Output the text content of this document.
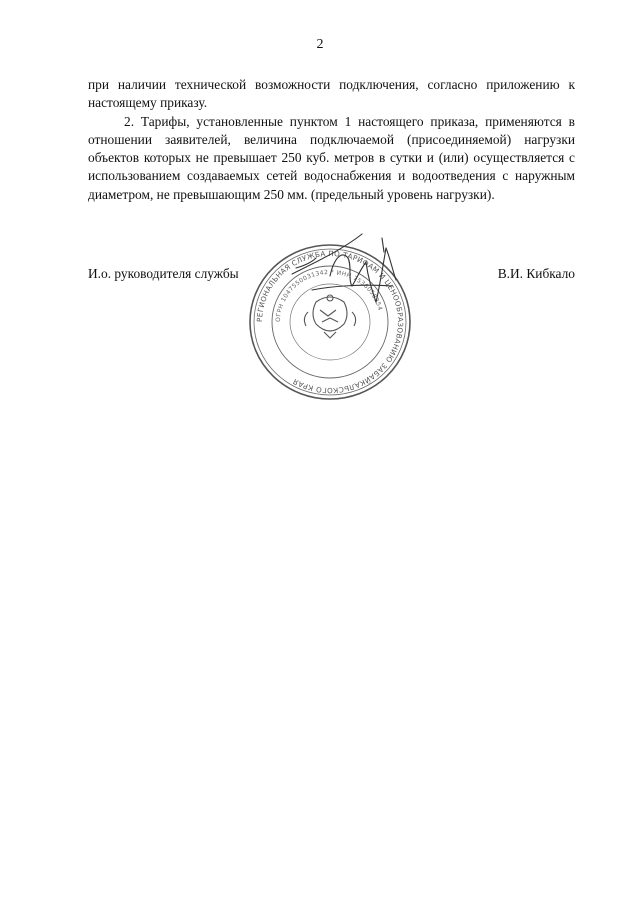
2

при наличии технической возможности подключения, согласно приложению к настоящему приказу.

2. Тарифы, установленные пунктом 1 настоящего приказа, применяются в отношении заявителей, величина подключаемой (присоединяемой) нагрузки объектов которых не превышает 250 куб. метров в сутки и (или) осуществляется с использованием создаваемых сетей водоснабжения и водоотведения с наружным диаметром, не превышающим 250 мм. (предельный уровень нагрузки).

РЕГИОНАЛЬНАЯ СЛУЖБА ПО ТАРИФАМ И ЦЕНООБРАЗОВАНИЮ ЗАБАЙКАЛЬСКОГО КРАЯ
ОГРН 1047550031342 * ИНН 7536058354
И.о. руководителя службы	В.И. Кибкало
